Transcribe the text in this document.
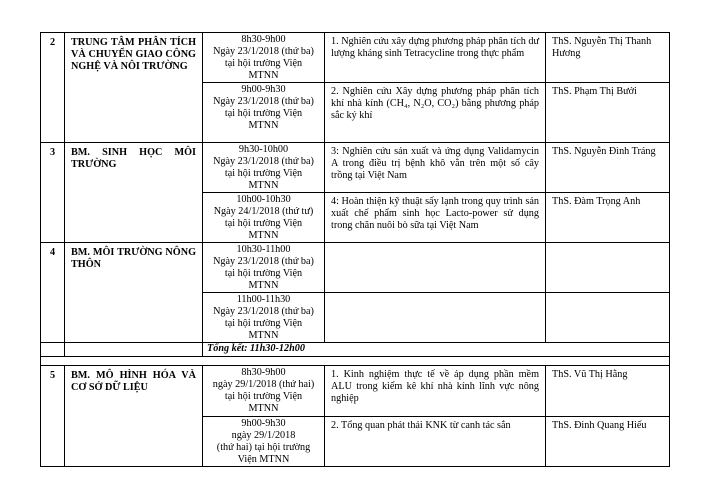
2	TRUNG TÂM PHÂN TÍCH VÀ CHUYỂN GIAO CÔNG NGHỆ VÀ NÔI TRƯỜNG	8h30-9h00
Ngày 23/1/2018 (thứ ba)
tại hội trường Viện
MTNN	1. Nghiên cứu xây dựng phương pháp phân tích dư lượng kháng sinh Tetracycline trong thực phẩm	ThS. Nguyễn Thị Thanh Hương

		9h00-9h30
Ngày 23/1/2018 (thứ ba)
tại hội trường Viện
MTNN	2. Nghiên cứu Xây dựng phương pháp phân tích khí nhà kính (CH₄, N₂O, CO₂) bằng phương pháp sắc ký khí	ThS. Phạm Thị Bưởi
3	BM. SINH HỌC MÔI TRƯỜNG	9h30-10h00
Ngày 23/1/2018 (thứ ba)
tại hội trường Viện
MTNN	3: Nghiên cứu sản xuất và ứng dụng Validamycin A trong điều trị bệnh khô vằn trên một số cây trồng tại Việt Nam	ThS. Nguyễn Đình Tráng

		10h00-10h30
Ngày 24/1/2018 (thứ tư)
tại hội trường Viện
MTNN	4: Hoàn thiện kỹ thuật sấy lạnh trong quy trình sản xuất chế phẩm sinh học Lacto-power sử dụng trong chăn nuôi bò sữa tại Việt Nam	ThS. Đàm Trọng Anh
4	BM. MÔI TRƯỜNG NÔNG THÔN	10h30-11h00
Ngày 23/1/2018 (thứ ba)
tại hội trường Viện
MTNN		

		11h00-11h30
Ngày 23/1/2018 (thứ ba)
tại hội trường Viện
MTNN		

		Tổng kết: 11h30-12h00		

5	BM. MÔ HÌNH HÓA VÀ CƠ SỞ DỮ LIỆU	8h30-9h00
ngày 29/1/2018 (thứ hai)
tại hội trường Viện
MTNN	1. Kinh nghiệm thực tế về áp dụng phần mềm ALU trong kiểm kê khí nhà kính lĩnh vực nông nghiệp	ThS. Vũ Thị Hằng

		9h00-9h30
ngày 29/1/2018
(thứ hai) tại hội trường
Viện MTNN	2. Tổng quan phát thải KNK từ canh tác sắn	ThS. Đinh Quang Hiếu
